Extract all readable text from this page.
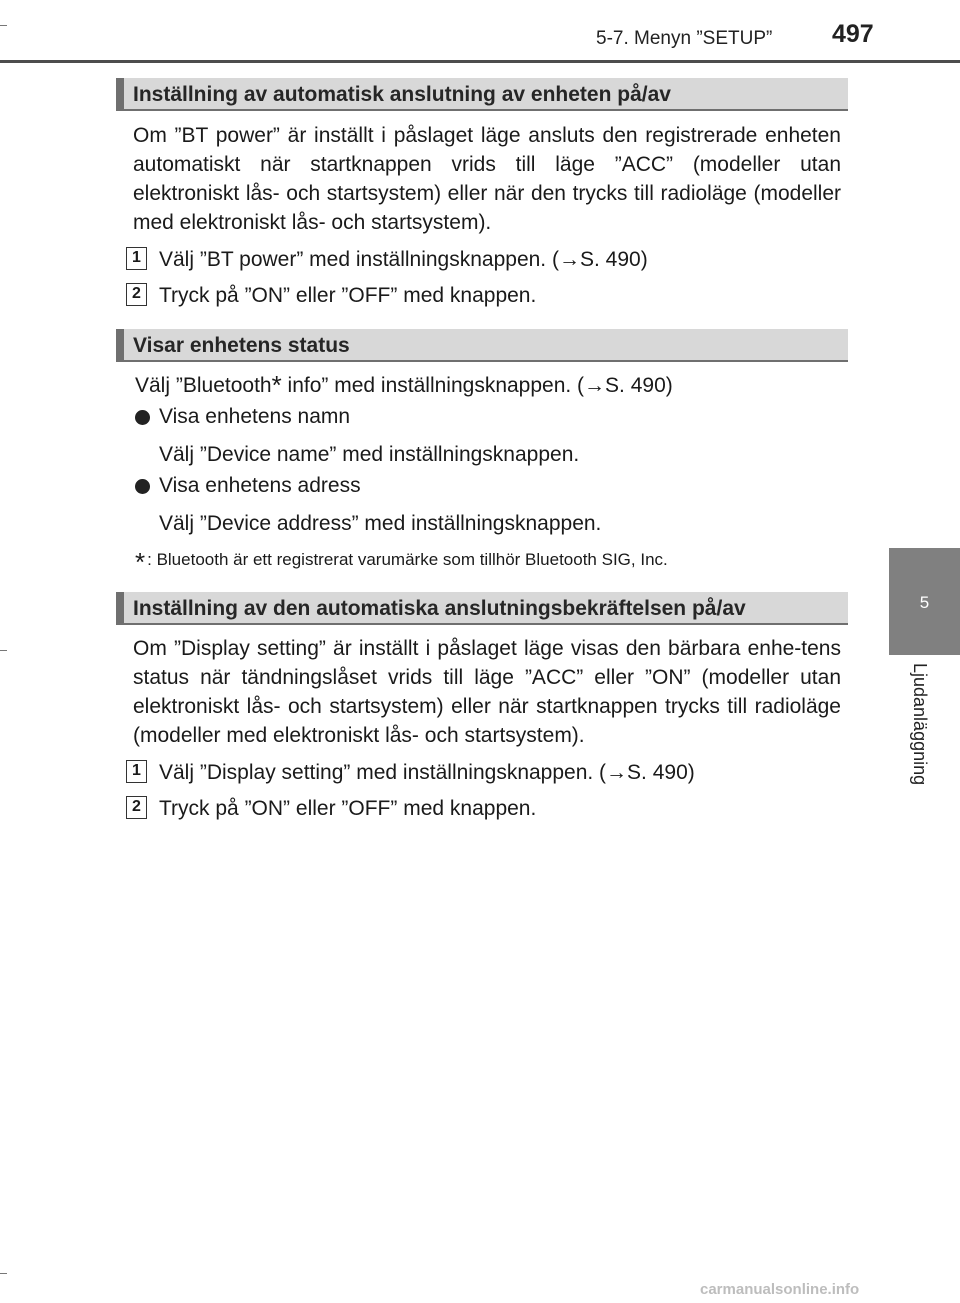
5-7. Menyn ”SETUP” 497
5
Ljudanläggning
Inställning av automatisk anslutning av enheten på/av

Om ”BT power” är inställt i påslaget läge ansluts den registrerade enheten automatiskt när startknappen vrids till läge ”ACC” (modeller utan elektroniskt lås- och startsystem) eller när den trycks till radioläge (modeller med elektroniskt lås- och startsystem).

1 Välj ”BT power” med inställningsknappen. (→S. 490)
2 Tryck på ”ON” eller ”OFF” med knappen.
Visar enhetens status
Välj ”Bluetooth* info” med inställningsknappen. (→S. 490)
Visa enhetens namn
Välj ”Device name” med inställningsknappen.
Visa enhetens adress
Välj ”Device address” med inställningsknappen.
* : Bluetooth är ett registrerat varumärke som tillhör Bluetooth SIG, Inc.
Inställning av den automatiska anslutningsbekräftelsen på/av

Om ”Display setting” är inställt i påslaget läge visas den bärbara enhe-tens status när tändningslåset vrids till läge ”ACC” eller ”ON” (modeller utan elektroniskt lås- och startsystem) eller när startknappen trycks till radioläge (modeller med elektroniskt lås- och startsystem).

1 Välj ”Display setting” med inställningsknappen. (→S. 490)
2 Tryck på ”ON” eller ”OFF” med knappen.
carmanualsonline.info
